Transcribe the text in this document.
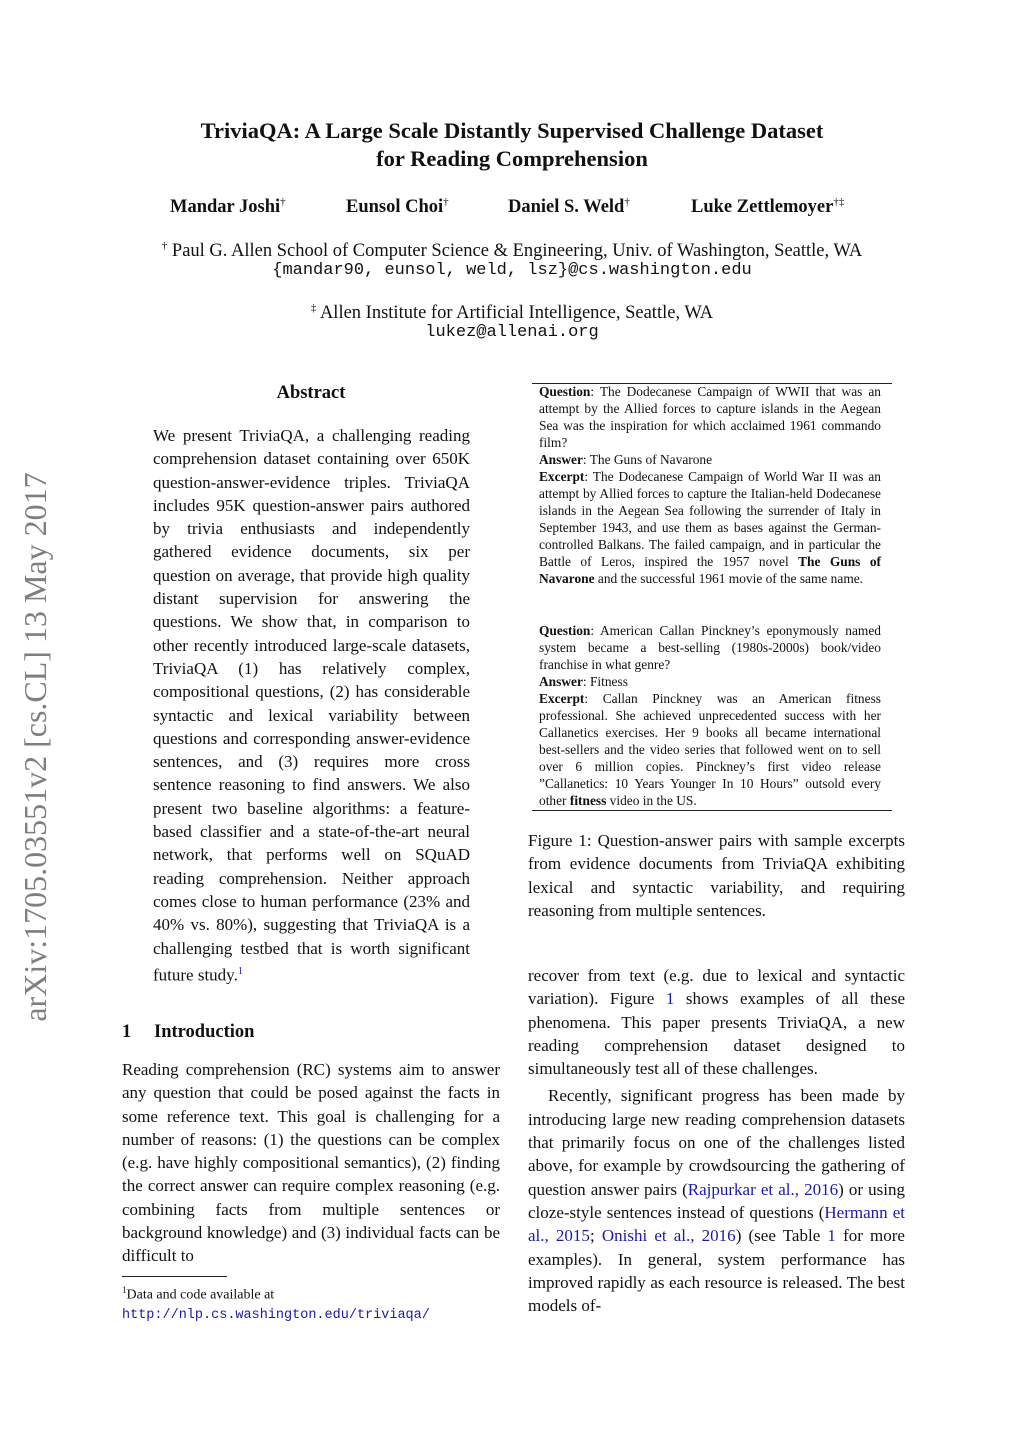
arXiv:1705.03551v2 [cs.CL] 13 May 2017
TriviaQA: A Large Scale Distantly Supervised Challenge Dataset
for Reading Comprehension
Mandar Joshi†	Eunsol Choi†	Daniel S. Weld†	Luke Zettlemoyer†‡
† Paul G. Allen School of Computer Science & Engineering, Univ. of Washington, Seattle, WA
{mandar90, eunsol, weld, lsz}@cs.washington.edu
‡ Allen Institute for Artificial Intelligence, Seattle, WA
lukez@allenai.org
Abstract
We present TriviaQA, a challenging reading comprehension dataset containing over 650K question-answer-evidence triples. TriviaQA includes 95K question-answer pairs authored by trivia enthusiasts and independently gathered evidence documents, six per question on average, that provide high quality distant supervision for answering the questions. We show that, in comparison to other recently introduced large-scale datasets, TriviaQA (1) has relatively complex, compositional questions, (2) has considerable syntactic and lexical variability between questions and corresponding answer-evidence sentences, and (3) requires more cross sentence reasoning to find answers. We also present two baseline algorithms: a feature-based classifier and a state-of-the-art neural network, that performs well on SQuAD reading comprehension. Neither approach comes close to human performance (23% and 40% vs. 80%), suggesting that TriviaQA is a challenging testbed that is worth significant future study.$^1$
1 Introduction

Reading comprehension (RC) systems aim to answer any question that could be posed against the facts in some reference text. This goal is challenging for a number of reasons: (1) the questions can be complex (e.g. have highly compositional semantics), (2) finding the correct answer can require complex reasoning (e.g. combining facts from multiple sentences or background knowledge) and (3) individual facts can be difficult to

$^1$Data and code available at http://nlp.cs.washington.edu/triviaqa/

Question: The Dodecanese Campaign of WWII that was an attempt by the Allied forces to capture islands in the Aegean Sea was the inspiration for which acclaimed 1961 commando film?

Answer: The Guns of Navarone

Excerpt: The Dodecanese Campaign of World War II was an attempt by Allied forces to capture the Italian-held Dodecanese islands in the Aegean Sea following the surrender of Italy in September 1943, and use them as bases against the German-controlled Balkans. The failed campaign, and in particular the Battle of Leros, inspired the 1957 novel The Guns of Navarone and the successful 1961 movie of the same name.

Question: American Callan Pinckney’s eponymously named system became a best-selling (1980s-2000s) book/video franchise in what genre?

Answer: Fitness

Excerpt: Callan Pinckney was an American fitness professional. She achieved unprecedented success with her Callanetics exercises. Her 9 books all became international best-sellers and the video series that followed went on to sell over 6 million copies. Pinckney’s first video release ”Callanetics: 10 Years Younger In 10 Hours” outsold every other fitness video in the US.

Figure 1: Question-answer pairs with sample excerpts from evidence documents from TriviaQA exhibiting lexical and syntactic variability, and requiring reasoning from multiple sentences.

recover from text (e.g. due to lexical and syntactic variation). Figure 1 shows examples of all these phenomena. This paper presents TriviaQA, a new reading comprehension dataset designed to simultaneously test all of these challenges.

Recently, significant progress has been made by introducing large new reading comprehension datasets that primarily focus on one of the challenges listed above, for example by crowdsourcing the gathering of question answer pairs (Rajpurkar et al., 2016) or using cloze-style sentences instead of questions (Hermann et al., 2015; Onishi et al., 2016) (see Table 1 for more examples). In general, system performance has improved rapidly as each resource is released. The best models of-
